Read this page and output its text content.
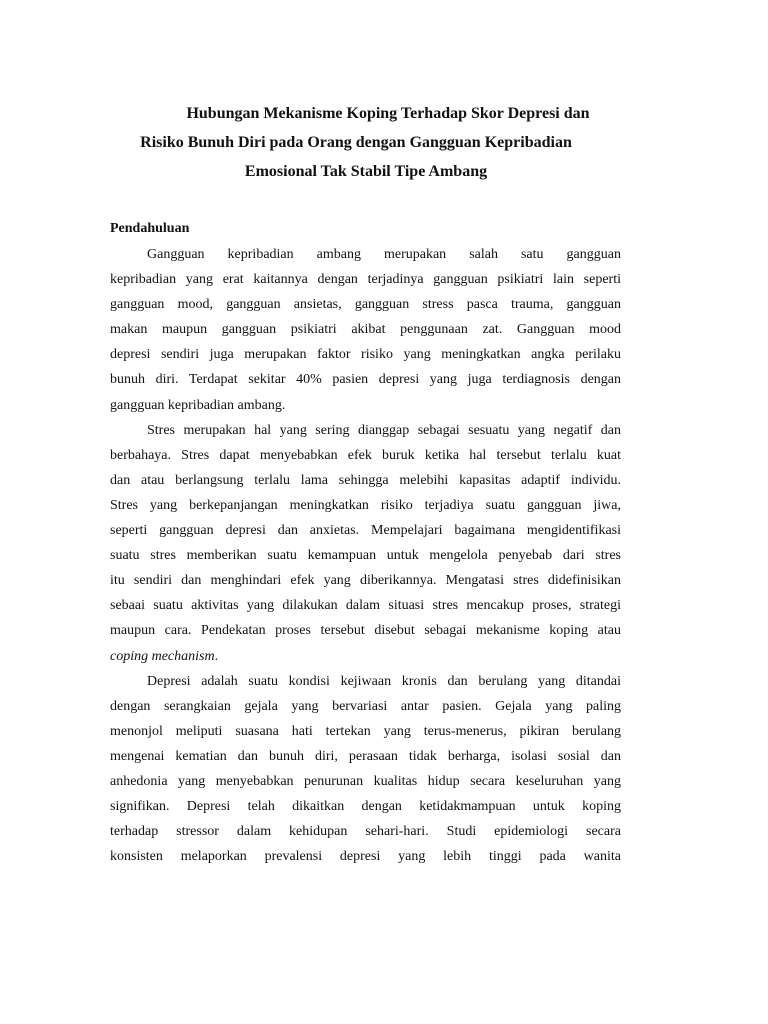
Hubungan Mekanisme Koping Terhadap Skor Depresi dan
Risiko Bunuh Diri pada Orang dengan Gangguan Kepribadian
Emosional Tak Stabil Tipe Ambang
Pendahuluan

Gangguan kepribadian ambang merupakan salah satu gangguan
kepribadian yang erat kaitannya dengan terjadinya gangguan psikiatri lain seperti
gangguan mood, gangguan ansietas, gangguan stress pasca trauma, gangguan
makan maupun gangguan psikiatri akibat penggunaan zat. Gangguan mood
depresi sendiri juga merupakan faktor risiko yang meningkatkan angka perilaku
bunuh diri. Terdapat sekitar 40% pasien depresi yang juga terdiagnosis dengan
gangguan kepribadian ambang.

Stres merupakan hal yang sering dianggap sebagai sesuatu yang negatif dan
berbahaya. Stres dapat menyebabkan efek buruk ketika hal tersebut terlalu kuat
dan atau berlangsung terlalu lama sehingga melebihi kapasitas adaptif individu.
Stres yang berkepanjangan meningkatkan risiko terjadiya suatu gangguan jiwa,
seperti gangguan depresi dan anxietas. Mempelajari bagaimana mengidentifikasi
suatu stres memberikan suatu kemampuan untuk mengelola penyebab dari stres
itu sendiri dan menghindari efek yang diberikannya. Mengatasi stres didefinisikan
sebaai suatu aktivitas yang dilakukan dalam situasi stres mencakup proses, strategi
maupun cara. Pendekatan proses tersebut disebut sebagai mekanisme koping atau
coping mechanism.

Depresi adalah suatu kondisi kejiwaan kronis dan berulang yang ditandai
dengan serangkaian gejala yang bervariasi antar pasien. Gejala yang paling
menonjol meliputi suasana hati tertekan yang terus-menerus, pikiran berulang
mengenai kematian dan bunuh diri, perasaan tidak berharga, isolasi sosial dan
anhedonia yang menyebabkan penurunan kualitas hidup secara keseluruhan yang
signifikan. Depresi telah dikaitkan dengan ketidakmampuan untuk koping
terhadap stressor dalam kehidupan sehari-hari. Studi epidemiologi secara
konsisten melaporkan prevalensi depresi yang lebih tinggi pada wanita
